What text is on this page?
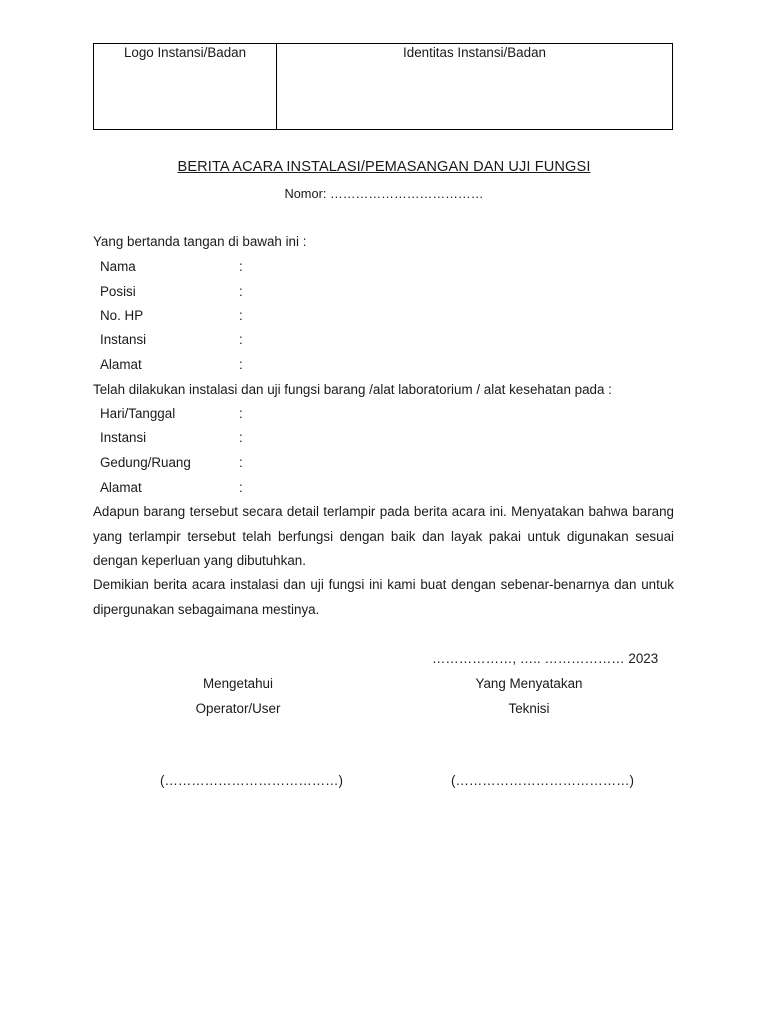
Logo Instansi/Badan	Identitas Instansi/Badan
BERITA ACARA INSTALASI/PEMASANGAN DAN UJI FUNGSI
Nomor: ………………………………
Yang bertanda tangan di bawah ini :
Nama	:
Posisi	:
No. HP	:
Instansi	:
Alamat	:
Telah dilakukan instalasi dan uji fungsi barang /alat laboratorium / alat kesehatan pada :
Hari/Tanggal	:
Instansi	:
Gedung/Ruang	:
Alamat	:
Adapun barang tersebut secara detail terlampir pada berita acara ini. Menyatakan bahwa barang yang terlampir tersebut telah berfungsi dengan baik dan layak pakai untuk digunakan sesuai dengan keperluan yang dibutuhkan.
Demikian berita acara instalasi dan uji fungsi ini kami buat dengan sebenar-benarnya dan untuk dipergunakan sebagaimana mestinya.
………………, ….. ……………… 2023
Mengetahui
Operator/User
(…………………………………)
Yang Menyatakan
Teknisi
(…………………………………)
